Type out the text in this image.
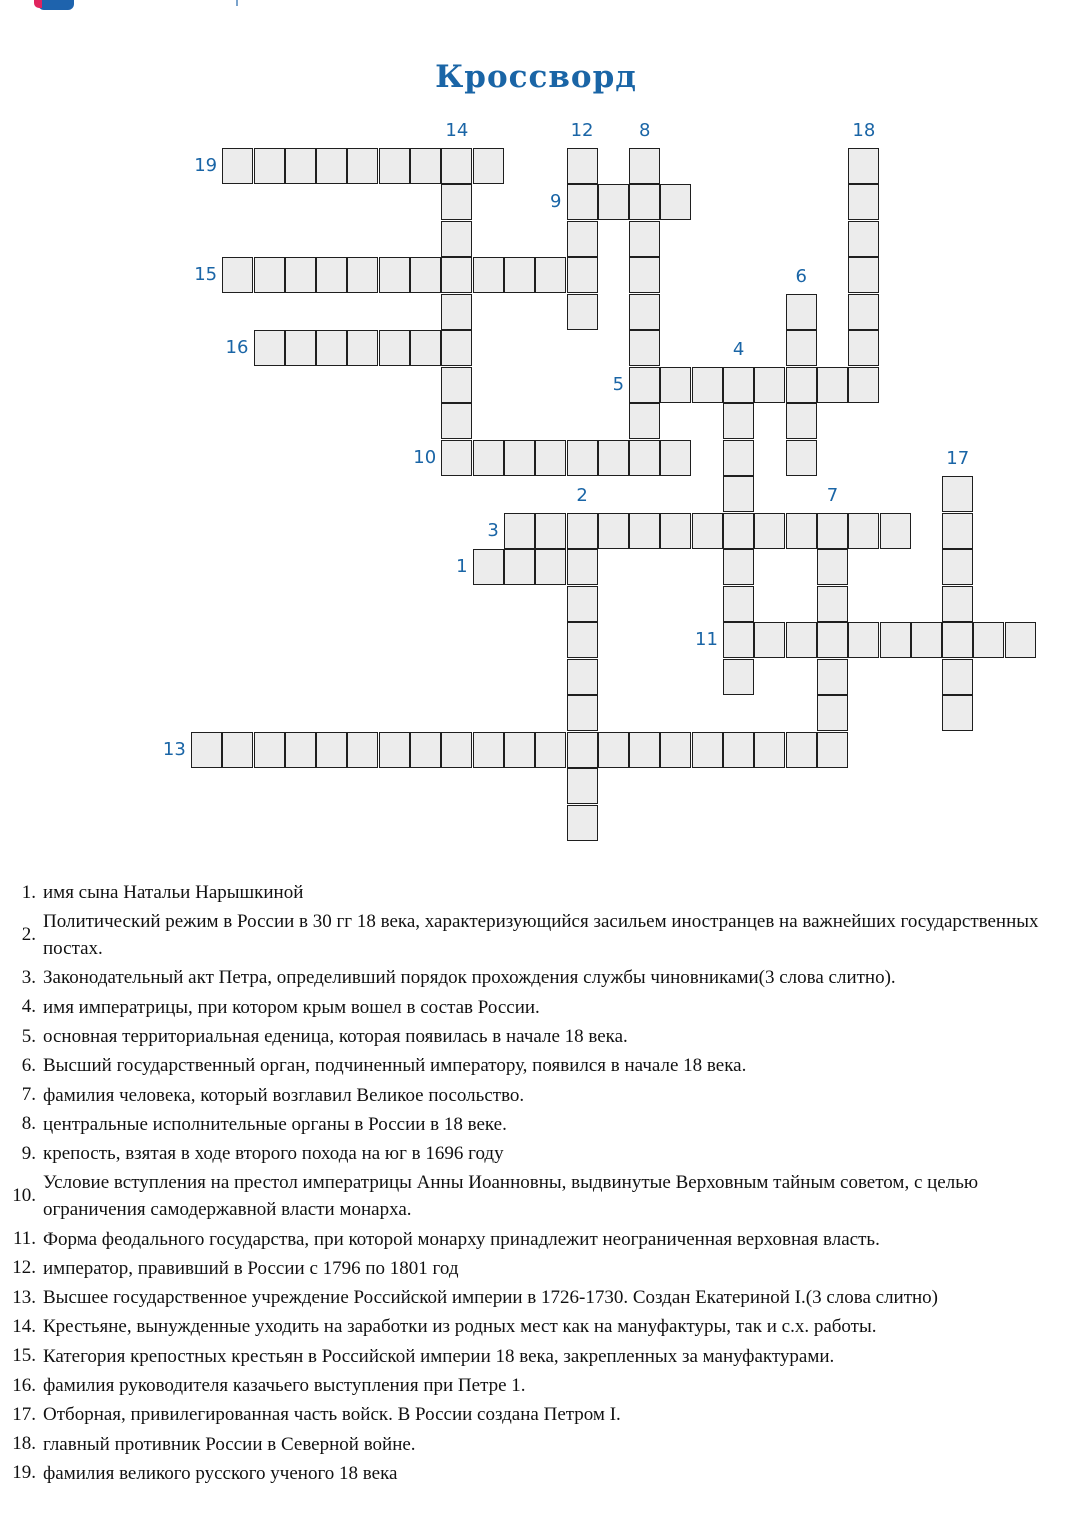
Кроссворд
1
2
3
4
5
6
7
8
9
10
11
12
13
14
15
16
17
18
19
1. имя сына Натальи Нарышкиной
2.
Политический режим в России в 30 гг 18 века, характеризующийся засильем иностранцев на важнейших государственных постах.
3. Законодательный акт Петра, определивший порядок прохождения службы чиновниками(3 слова слитно).
4. имя императрицы, при котором крым вошел в состав России.
5. основная территориальная еденица, которая появилась в начале 18 века.
6. Высший государственный орган, подчиненный императору, появился в начале 18 века.
7. фамилия человека, который возглавил Великое посольство.
8. центральные исполнительные органы в России в 18 веке.
9. крепость, взятая в ходе второго похода на юг в 1696 году
10.
Условие вступления на престол императрицы Анны Иоанновны, выдвинутые Верховным тайным советом, с целью ограничения самодержавной власти монарха.
11. Форма феодального государства, при которой монарху принадлежит неограниченная верховная власть.
12. император, правивший в России с 1796 по 1801 год
13. Высшее государственное учреждение Российской империи в 1726-1730. Создан Екатериной I.(3 слова слитно)
14. Крестьяне, вынужденные уходить на заработки из родных мест как на мануфактуры, так и с.х. работы.
15. Категория крепостных крестьян в Российской империи 18 века, закрепленных за мануфактурами.
16. фамилия руководителя казачьего выступления при Петре 1.
17. Отборная, привилегированная часть войск. В России создана Петром I.
18. главный противник России в Северной войне.
19. фамилия великого русского ученого 18 века
